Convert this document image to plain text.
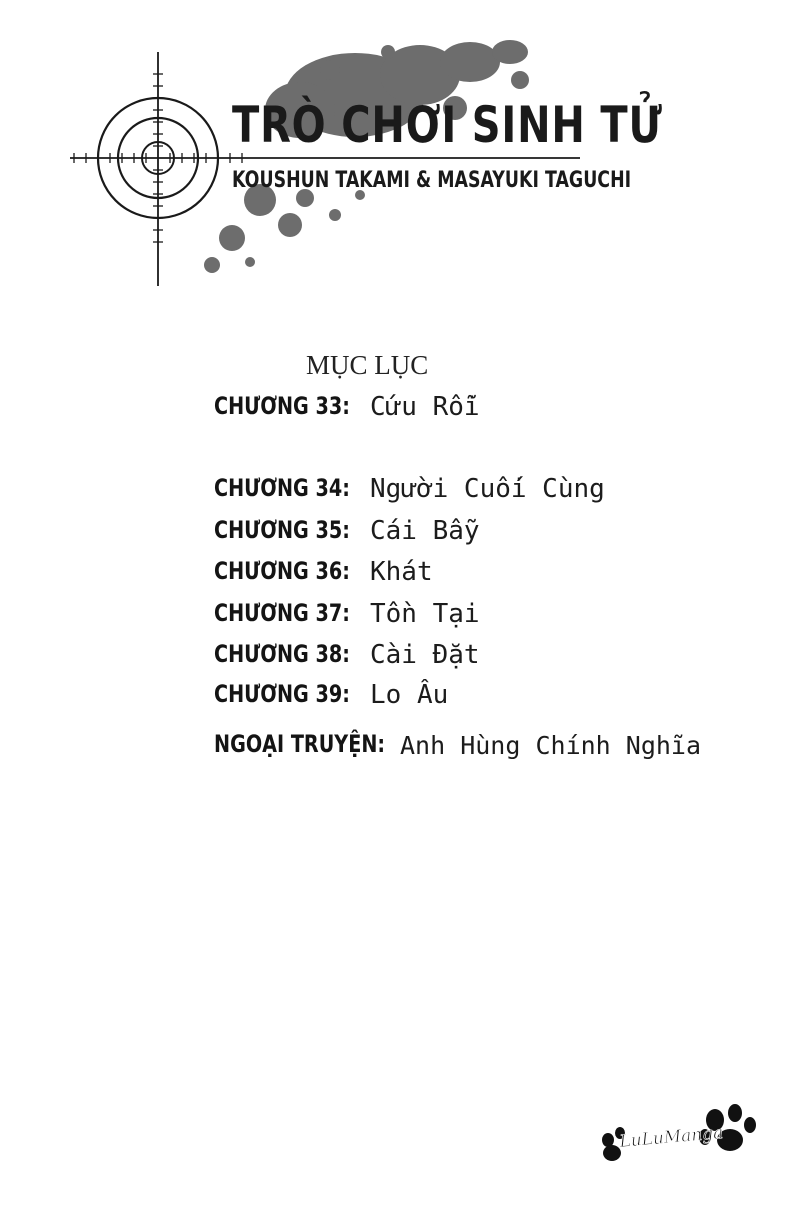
TRÒ CHƠI SINH TỬ
KOUSHUN TAKAMI & MASAYUKI TAGUCHI
MỤC LỤC
CHƯƠNG 33: Cứu Rỗi
CHƯƠNG 34: Người Cuối Cùng
CHƯƠNG 35: Cái Bẫy
CHƯƠNG 36: Khát
CHƯƠNG 37: Tồn Tại
CHƯƠNG 38: Cài Đặt
CHƯƠNG 39: Lo Âu
NGOẠI TRUYỆN: Anh Hùng Chính Nghĩa
LuLuManga
